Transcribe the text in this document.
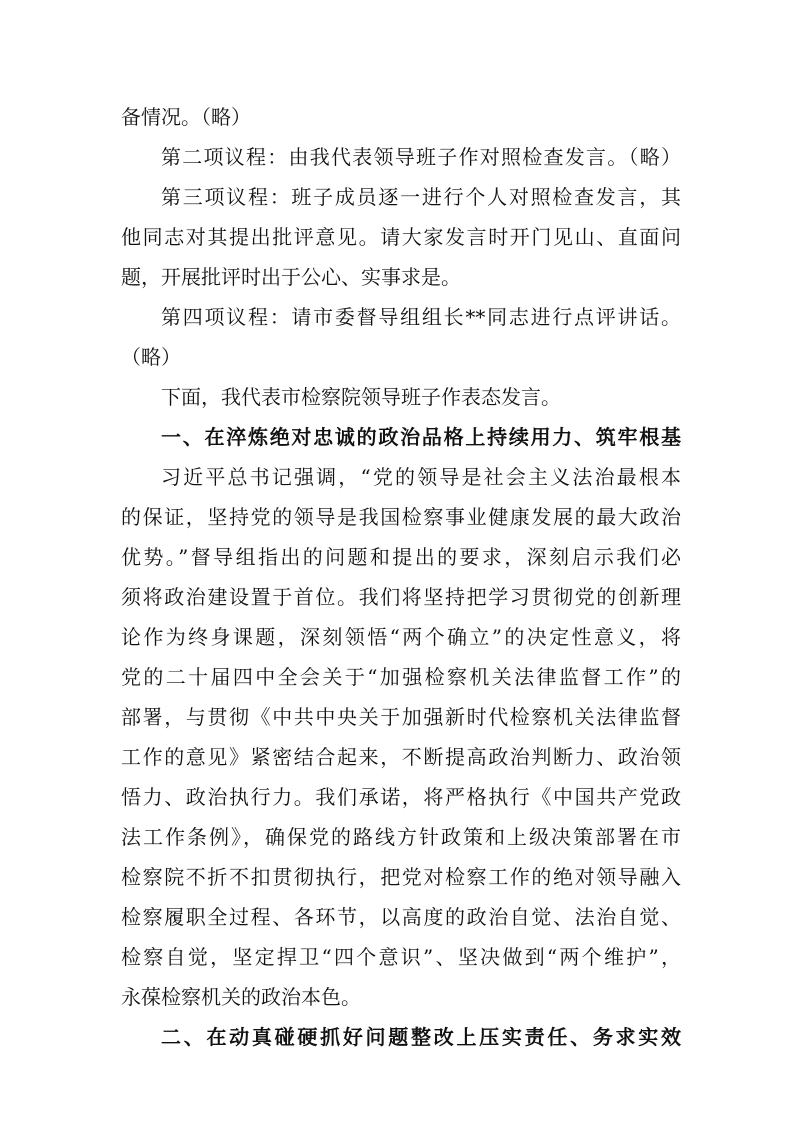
备情况。（略）
第二项议程：由我代表领导班子作对照检查发言。（略）
第三项议程：班子成员逐一进行个人对照检查发言，其
他同志对其提出批评意见。请大家发言时开门见山、直面问
题，开展批评时出于公心、实事求是。
第四项议程：请市委督导组组长**同志进行点评讲话。
（略）
下面，我代表市检察院领导班子作表态发言。
一、在淬炼绝对忠诚的政治品格上持续用力、筑牢根基
习近平总书记强调，“党的领导是社会主义法治最根本
的保证，坚持党的领导是我国检察事业健康发展的最大政治
优势。”督导组指出的问题和提出的要求，深刻启示我们必
须将政治建设置于首位。我们将坚持把学习贯彻党的创新理
论作为终身课题，深刻领悟“两个确立”的决定性意义，将
党的二十届四中全会关于“加强检察机关法律监督工作”的
部署，与贯彻《中共中央关于加强新时代检察机关法律监督
工作的意见》紧密结合起来，不断提高政治判断力、政治领
悟力、政治执行力。我们承诺，将严格执行《中国共产党政
法工作条例》，确保党的路线方针政策和上级决策部署在市
检察院不折不扣贯彻执行，把党对检察工作的绝对领导融入
检察履职全过程、各环节，以高度的政治自觉、法治自觉、
检察自觉，坚定捍卫“四个意识”、坚决做到“两个维护”，
永葆检察机关的政治本色。
二、在动真碰硬抓好问题整改上压实责任、务求实效
